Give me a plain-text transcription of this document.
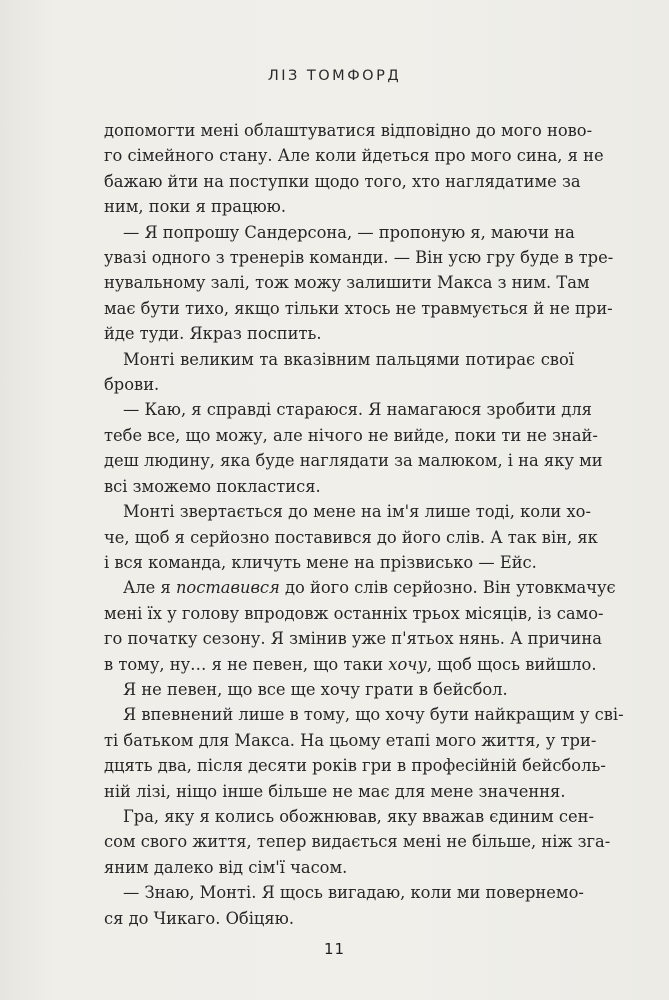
ЛІЗ ТОМФОРД
допомогти мені облаштуватися відповідно до мого ново-
го сімейного стану. Але коли йдеться про мого сина, я не
бажаю йти на поступки щодо того, хто наглядатиме за
ним, поки я працюю.
— Я попрошу Сандерсона, — пропоную я, маючи на
увазі одного з тренерів команди. — Він усю гру буде в тре-
нувальному залі, тож можу залишити Макса з ним. Там
має бути тихо, якщо тільки хтось не травмується й не при-
йде туди. Якраз поспить.
Монті великим та вказівним пальцями потирає свої
брови.
— Каю, я справді стараюся. Я намагаюся зробити для
тебе все, що можу, але нічого не вийде, поки ти не знай-
деш людину, яка буде наглядати за малюком, і на яку ми
всі зможемо покластися.
Монті звертається до мене на ім'я лише тоді, коли хо-
че, щоб я серйозно поставився до його слів. А так він, як
і вся команда, кличуть мене на прізвисько — Ейс.
Але я поставився до його слів серйозно. Він утовкмачує
мені їх у голову впродовж останніх трьох місяців, із само-
го початку сезону. Я змінив уже п'ятьох нянь. А причина
в тому, ну… я не певен, що таки хочу, щоб щось вийшло.
Я не певен, що все ще хочу грати в бейсбол.
Я впевнений лише в тому, що хочу бути найкращим у сві-
ті батьком для Макса. На цьому етапі мого життя, у три-
дцять два, після десяти років гри в професійній бейсболь-
ній лізі, ніщо інше більше не має для мене значення.
Гра, яку я колись обожнював, яку вважав єдиним сен-
сом свого життя, тепер видається мені не більше, ніж зга-
яним далеко від сім'ї часом.
— Знаю, Монті. Я щось вигадаю, коли ми повернемо-
ся до Чикаго. Обіцяю.
11
